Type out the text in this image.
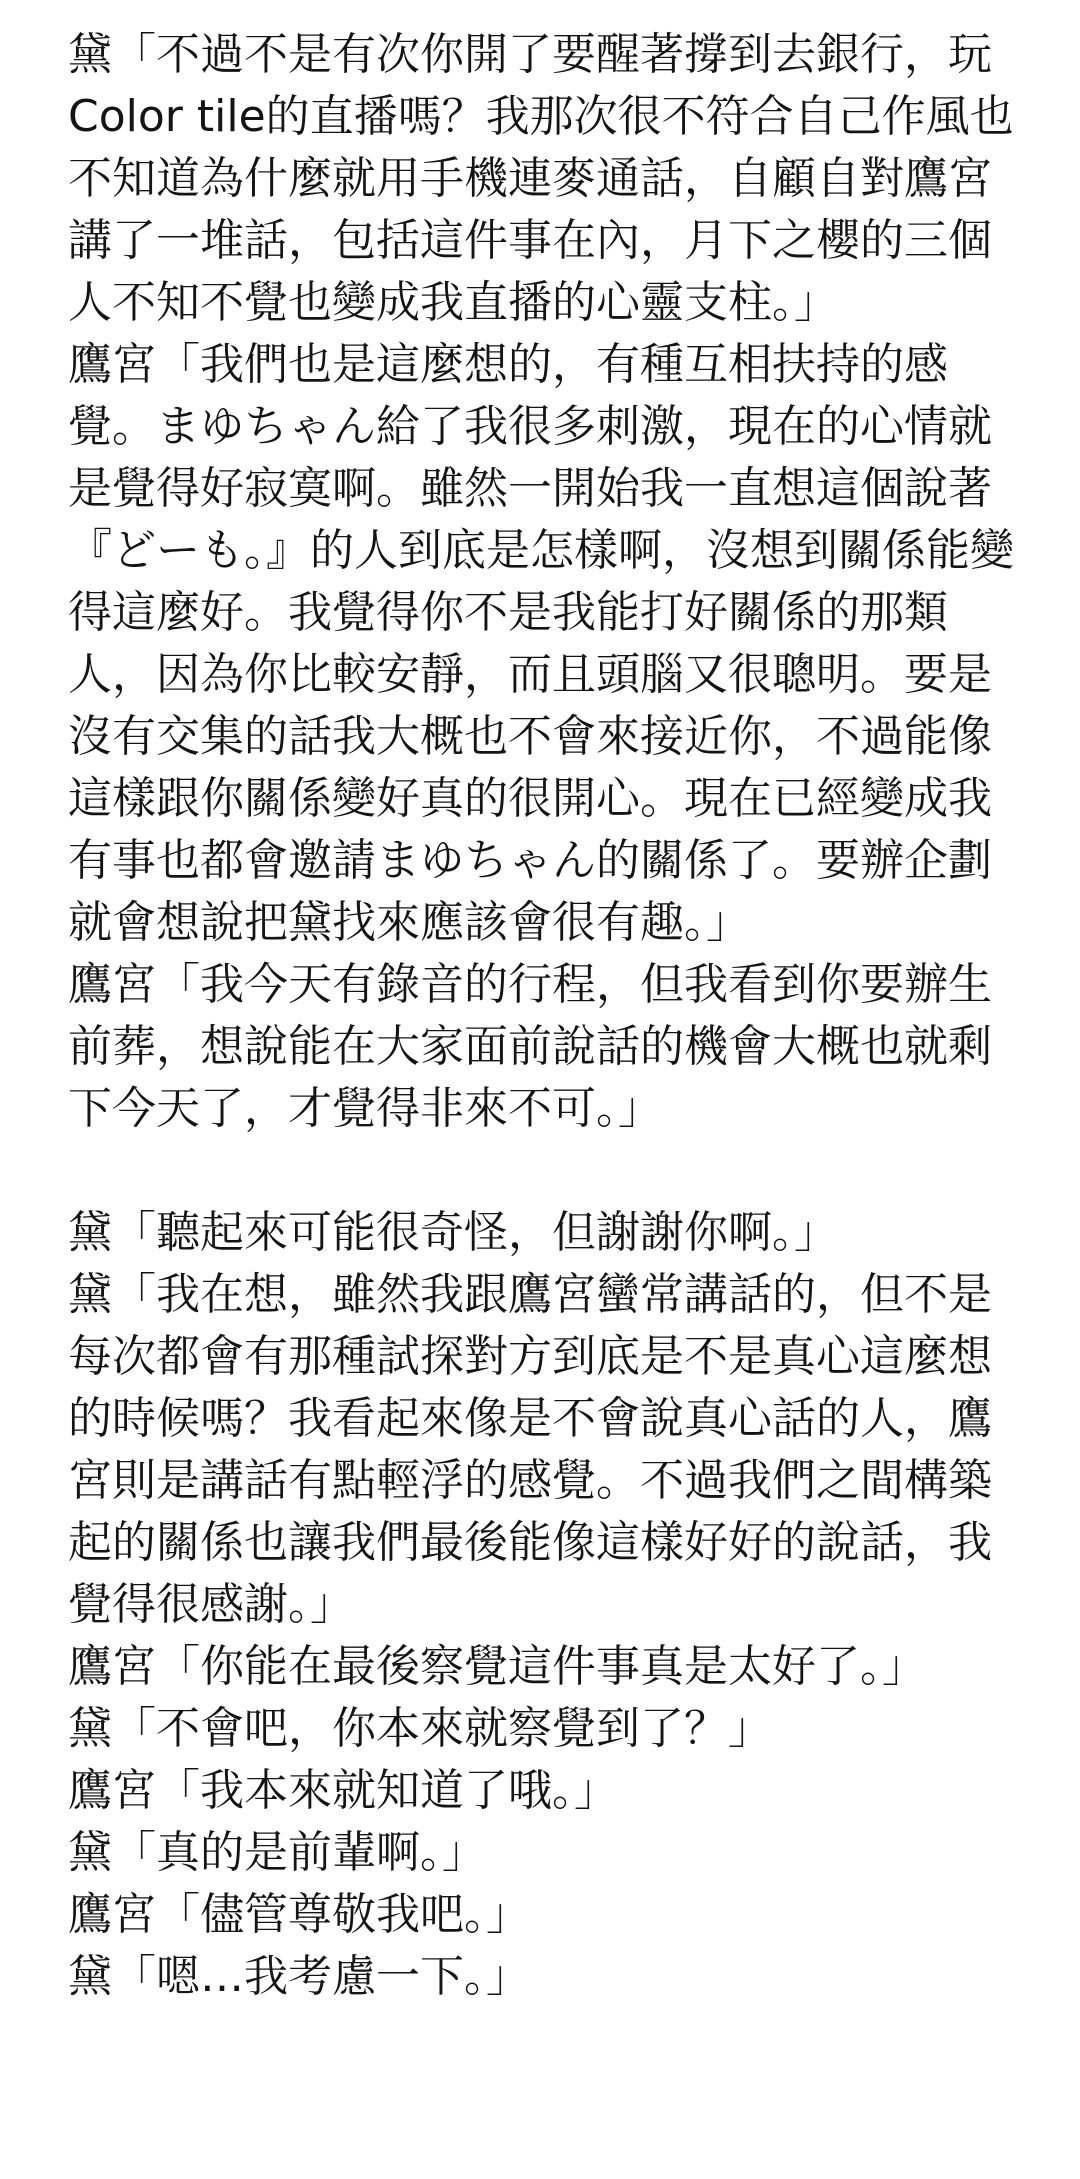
黛「不過不是有次你開了要醒著撐到去銀行，玩Color tile的直播嗎？我那次很不符合自己作風也不知道為什麼就用手機連麥通話，自顧自對鷹宮講了一堆話，包括這件事在內，月下之櫻的三個人不知不覺也變成我直播的心靈支柱。」

鷹宮「我們也是這麼想的，有種互相扶持的感覺。まゆちゃん給了我很多刺激，現在的心情就是覺得好寂寞啊。雖然一開始我一直想這個說著『どーも。』的人到底是怎樣啊，沒想到關係能變得這麼好。我覺得你不是我能打好關係的那類人，因為你比較安靜，而且頭腦又很聰明。要是沒有交集的話我大概也不會來接近你，不過能像這樣跟你關係變好真的很開心。現在已經變成我有事也都會邀請まゆちゃん的關係了。要辦企劃就會想說把黛找來應該會很有趣。」

鷹宮「我今天有錄音的行程，但我看到你要辦生前葬，想說能在大家面前說話的機會大概也就剩下今天了，才覺得非來不可。」

黛「聽起來可能很奇怪，但謝謝你啊。」

黛「我在想，雖然我跟鷹宮蠻常講話的，但不是每次都會有那種試探對方到底是不是真心這麼想的時候嗎？我看起來像是不會說真心話的人，鷹宮則是講話有點輕浮的感覺。不過我們之間構築起的關係也讓我們最後能像這樣好好的說話，我覺得很感謝。」

鷹宮「你能在最後察覺這件事真是太好了。」

黛「不會吧，你本來就察覺到了？」

鷹宮「我本來就知道了哦。」

黛「真的是前輩啊。」

鷹宮「儘管尊敬我吧。」

黛「嗯…我考慮一下。」
